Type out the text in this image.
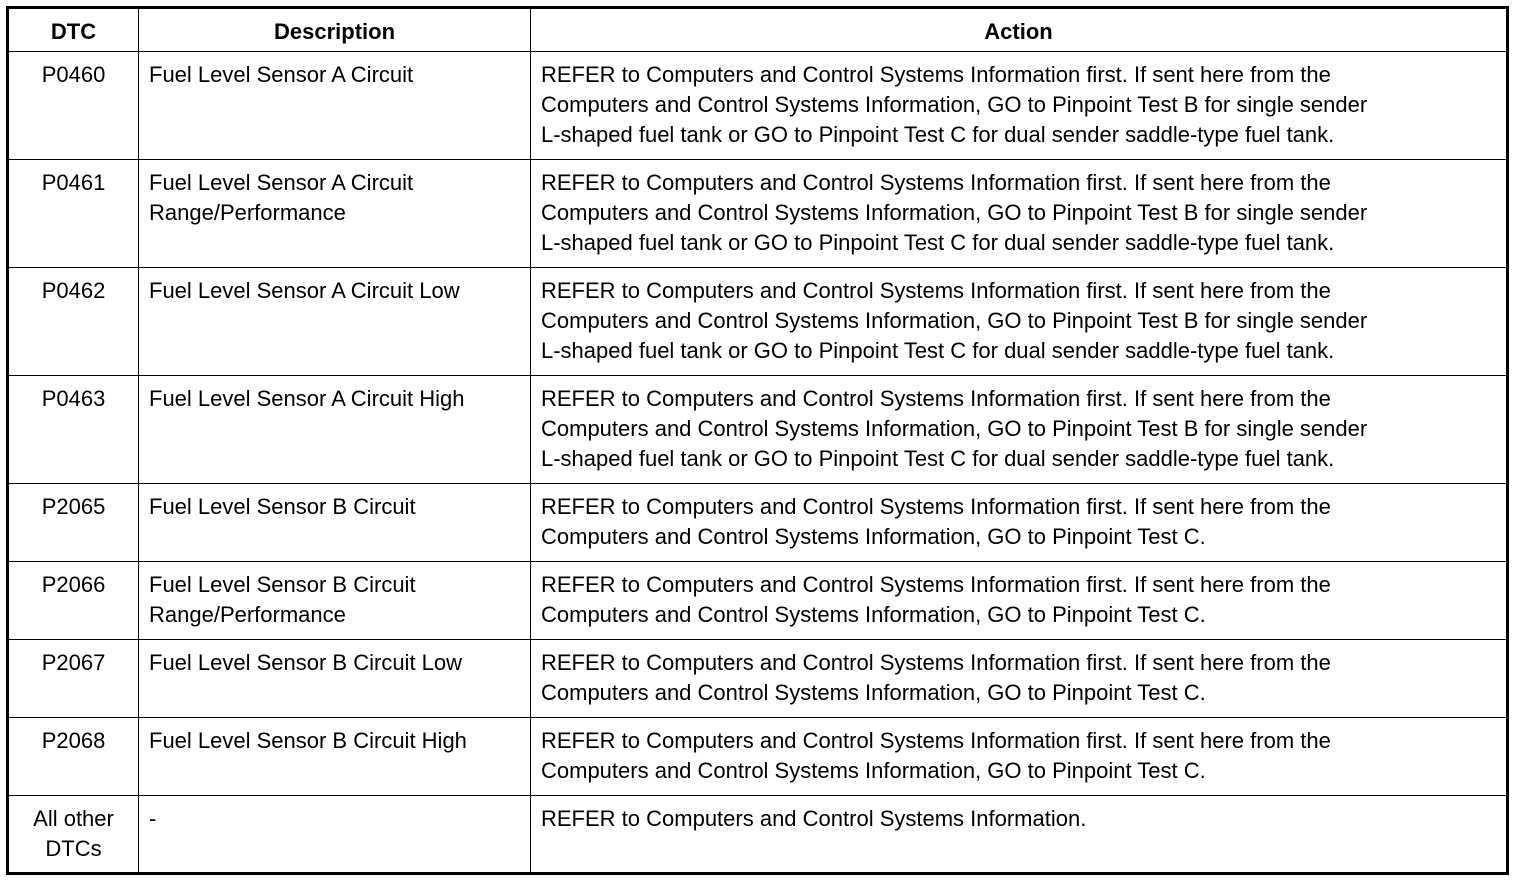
DTC	Description	Action

P0460	Fuel Level Sensor A Circuit	REFER to Computers and Control Systems Information first. If sent here from the
Computers and Control Systems Information, GO to Pinpoint Test B for single sender
L-shaped fuel tank or GO to Pinpoint Test C for dual sender saddle-type fuel tank.

P0461	Fuel Level Sensor A Circuit
Range/Performance	REFER to Computers and Control Systems Information first. If sent here from the
Computers and Control Systems Information, GO to Pinpoint Test B for single sender
L-shaped fuel tank or GO to Pinpoint Test C for dual sender saddle-type fuel tank.

P0462	Fuel Level Sensor A Circuit Low	REFER to Computers and Control Systems Information first. If sent here from the
Computers and Control Systems Information, GO to Pinpoint Test B for single sender
L-shaped fuel tank or GO to Pinpoint Test C for dual sender saddle-type fuel tank.

P0463	Fuel Level Sensor A Circuit High	REFER to Computers and Control Systems Information first. If sent here from the
Computers and Control Systems Information, GO to Pinpoint Test B for single sender
L-shaped fuel tank or GO to Pinpoint Test C for dual sender saddle-type fuel tank.

P2065	Fuel Level Sensor B Circuit	REFER to Computers and Control Systems Information first. If sent here from the
Computers and Control Systems Information, GO to Pinpoint Test C.

P2066	Fuel Level Sensor B Circuit
Range/Performance	REFER to Computers and Control Systems Information first. If sent here from the
Computers and Control Systems Information, GO to Pinpoint Test C.

P2067	Fuel Level Sensor B Circuit Low	REFER to Computers and Control Systems Information first. If sent here from the
Computers and Control Systems Information, GO to Pinpoint Test C.

P2068	Fuel Level Sensor B Circuit High	REFER to Computers and Control Systems Information first. If sent here from the
Computers and Control Systems Information, GO to Pinpoint Test C.

All other
DTCs	-	REFER to Computers and Control Systems Information.
